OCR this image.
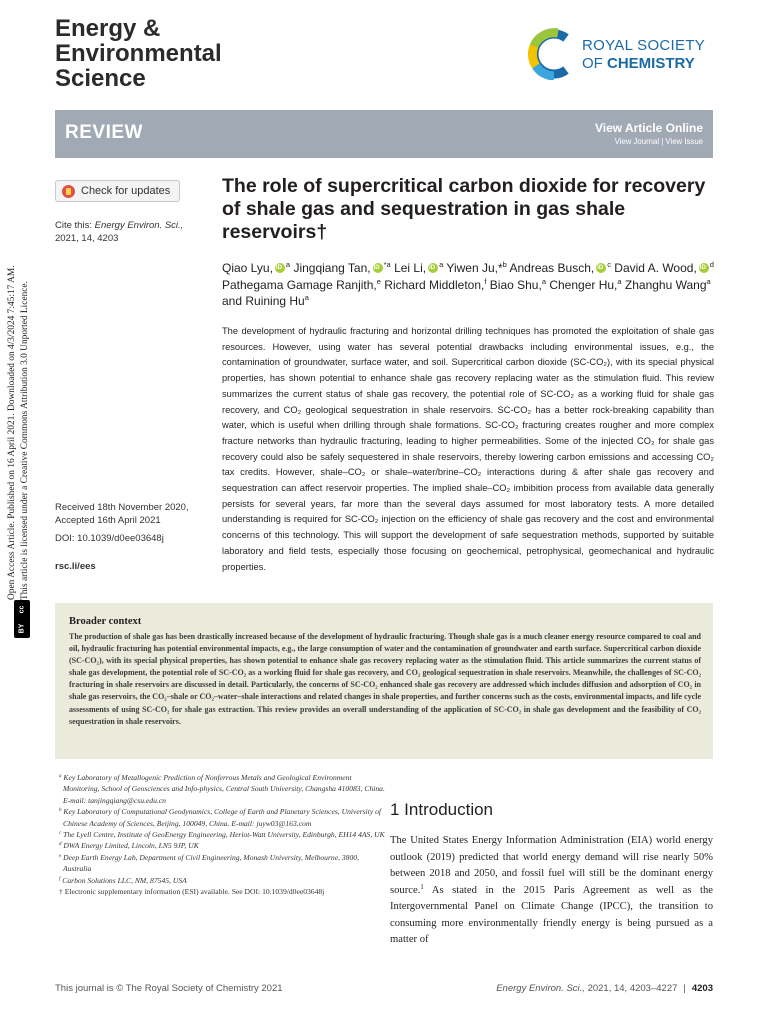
Open Access Article. Published on 16 April 2021. Downloaded on 4/3/2024 7:45:17 AM. This article is licensed under a Creative Commons Attribution 3.0 Unported Licence.
cc
BY
Energy &
Environmental
Science
ROYAL SOCIETY
OF CHEMISTRY
REVIEW	View Article Online
View Journal | View Issue
Check for updates
Cite this: Energy Environ. Sci.,
2021, 14, 4203
Received 18th November 2020,
Accepted 16th April 2021
DOI: 10.1039/d0ee03648j
rsc.li/ees
The role of supercritical carbon dioxide for recovery of shale gas and sequestration in gas shale reservoirs†
Qiao Lyu, iD $^a$ Jingqiang Tan, iD $^{*a}$ Lei Li, iD $^a$ Yiwen Ju,*$^b$ Andreas Busch,iD $^c$ David A. Wood, iD $^d$ Pathegama Gamage Ranjith,$^e$ Richard Middleton,$^f$ Biao Shu,$^a$ Chenger Hu,$^a$ Zhanghu Wang$^a$ and Ruining Hu$^a$
The development of hydraulic fracturing and horizontal drilling techniques has promoted the exploitation of shale gas resources. However, using water has several potential drawbacks including environmental issues, e.g., the contamination of groundwater, surface water, and soil. Supercritical carbon dioxide (SC-CO₂), with its special physical properties, has shown potential to enhance shale gas recovery replacing water as the stimulation fluid. This review summarizes the current status of shale gas recovery, the potential role of SC-CO₂ as a working fluid for shale gas recovery, and CO₂ geological sequestration in shale reservoirs. SC-CO₂ has a better rock-breaking capability than water, which is useful when drilling through shale formations. SC-CO₂ fracturing creates rougher and more complex fracture networks than hydraulic fracturing, leading to higher permeabilities. Some of the injected CO₂ for shale gas recovery could also be safely sequestered in shale reservoirs, thereby lowering carbon emissions and accessing CO₂ tax credits. However, shale–CO₂ or shale–water/brine–CO₂ interactions during & after shale gas recovery and sequestration can affect reservoir properties. The implied shale–CO₂ imbibition process from available data generally persists for several years, far more than the several days assumed for most laboratory tests. A more detailed understanding is required for SC-CO₂ injection on the efficiency of shale gas recovery and the cost and environmental concerns of this technology. This will support the development of safe sequestration methods, supported by suitable laboratory and field tests, especially those focusing on geochemical, petrophysical, geomechanical and hydraulic properties.
Broader context

The production of shale gas has been drastically increased because of the development of hydraulic fracturing. Though shale gas is a much cleaner energy resource compared to coal and oil, hydraulic fracturing has potential environmental impacts, e.g., the large consumption of water and the contamination of groundwater and earth surface. Supercritical carbon dioxide (SC-CO₂), with its special physical properties, has shown potential to enhance shale gas recovery replacing water as the stimulation fluid. This article summarizes the current status of shale gas development, the potential role of SC-CO₂ as a working fluid for shale gas recovery, and CO₂ geological sequestration in shale reservoirs. Meanwhile, the challenges of SC-CO₂ fracturing in shale reservoirs are discussed in detail. Particularly, the concerns of SC-CO₂ enhanced shale gas recovery are addressed which includes diffusion and adsorption of CO₂ in shale gas reservoirs, the CO₂–shale or CO₂–water–shale interactions and related changes in shale properties, and further concerns such as the costs, environmental impacts, and life cycle assessments of using SC-CO₂ for shale gas extraction. This review provides an overall understanding of the application of SC-CO₂ in shale gas development and the feasibility of CO₂ sequestration in shale reservoirs.

$^a$ Key Laboratory of Metallogenic Prediction of Nonferrous Metals and Geological Environment Monitoring, School of Geosciences and Info-physics, Central South University, Changsha 410083, China. E-mail: tanjingqiang@csu.edu.cn
$^b$ Key Laboratory of Computational Geodynamics, College of Earth and Planetary Sciences, University of Chinese Academy of Sciences, Beijing, 100049, China. E-mail: juyw03@163.com
$^c$ The Lyell Centre, Institute of GeoEnergy Engineering, Heriot-Watt University, Edinburgh, EH14 4AS, UK
$^d$ DWA Energy Limited, Lincoln, LN5 9JP, UK
$^e$ Deep Earth Energy Lab, Department of Civil Engineering, Monash University, Melbourne, 3800, Australia
$^f$ Carbon Solutions LLC, NM, 87545, USA
† Electronic supplementary information (ESI) available. See DOI: 10.1039/d0ee03648j
1 Introduction
The United States Energy Information Administration (EIA) world energy outlook (2019) predicted that world energy demand will rise nearly 50% between 2018 and 2050, and fossil fuel will still be the dominant energy source.$^1$ As stated in the 2015 Paris Agreement as well as the Intergovernmental Panel on Climate Change (IPCC), the transition to consuming more environmentally friendly energy is being pursued as a matter of
This journal is © The Royal Society of Chemistry 2021	Energy Environ. Sci., 2021, 14, 4203–4227 | 4203
